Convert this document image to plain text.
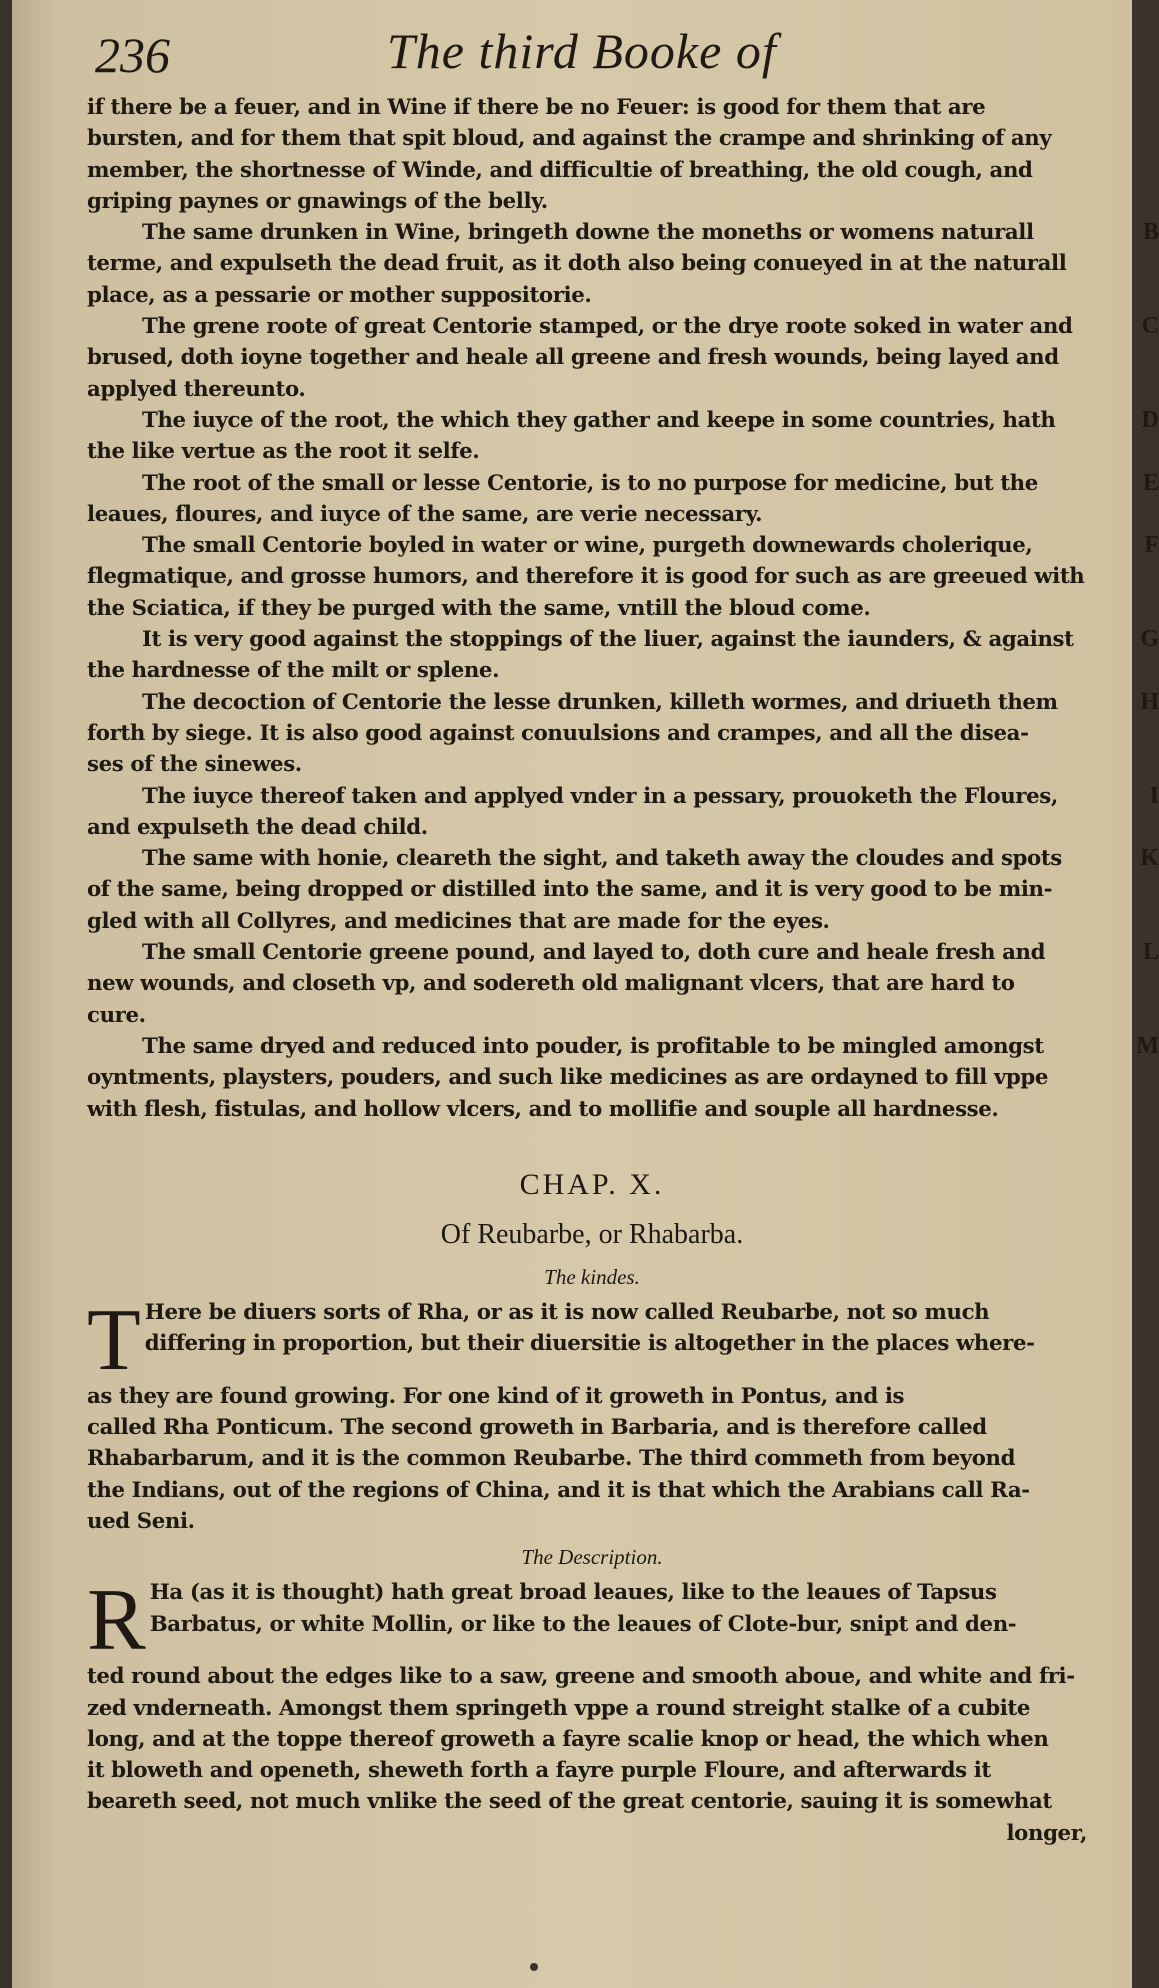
236	The third Booke of
if there be a feuer, and in Wine if there be no Feuer: is good for them that are
bursten, and for them that spit bloud, and against the crampe and shrinking of any
member, the shortnesse of Winde, and difficultie of breathing, the old cough, and
griping paynes or gnawings of the belly.
B
The same drunken in Wine, bringeth downe the moneths or womens naturall
terme, and expulseth the dead fruit, as it doth also being conueyed in at the naturall
place, as a pessarie or mother suppositorie.
C
The grene roote of great Centorie stamped, or the drye roote soked in water and
brused, doth ioyne together and heale all greene and fresh wounds, being layed and
applyed thereunto.
D
The iuyce of the root, the which they gather and keepe in some countries, hath
the like vertue as the root it selfe.
E
The root of the small or lesse Centorie, is to no purpose for medicine, but the
leaues, floures, and iuyce of the same, are verie necessary.
F
The small Centorie boyled in water or wine, purgeth downewards cholerique,
flegmatique, and grosse humors, and therefore it is good for such as are greeued with
the Sciatica, if they be purged with the same, vntill the bloud come.
G
It is very good against the stoppings of the liuer, against the iaunders, & against
the hardnesse of the milt or splene.
H
The decoction of Centorie the lesse drunken, killeth wormes, and driueth them
forth by siege. It is also good against conuulsions and crampes, and all the disea-
ses of the sinewes.
I
The iuyce thereof taken and applyed vnder in a pessary, prouoketh the Floures,
and expulseth the dead child.
K
The same with honie, cleareth the sight, and taketh away the cloudes and spots
of the same, being dropped or distilled into the same, and it is very good to be min-
gled with all Collyres, and medicines that are made for the eyes.
L
The small Centorie greene pound, and layed to, doth cure and heale fresh and
new wounds, and closeth vp, and sodereth old malignant vlcers, that are hard to
cure.
M
The same dryed and reduced into pouder, is profitable to be mingled amongst
oyntments, playsters, pouders, and such like medicines as are ordayned to fill vppe
with flesh, fistulas, and hollow vlcers, and to mollifie and souple all hardnesse.
CHAP. X.
Of Reubarbe, or Rhabarba.
The kindes.
T Here be diuers sorts of Rha, or as it is now called Reubarbe, not so much
differing in proportion, but their diuersitie is altogether in the places where-
as they are found growing. For one kind of it groweth in Pontus, and is
called Rha Ponticum. The second groweth in Barbaria, and is therefore called
Rhabarbarum, and it is the common Reubarbe. The third commeth from beyond
the Indians, out of the regions of China, and it is that which the Arabians call Ra-
ued Seni.
The Description.
R Ha (as it is thought) hath great broad leaues, like to the leaues of Tapsus
Barbatus, or white Mollin, or like to the leaues of Clote-bur, snipt and den-
ted round about the edges like to a saw, greene and smooth aboue, and white and fri-
zed vnderneath. Amongst them springeth vppe a round streight stalke of a cubite
long, and at the toppe thereof groweth a fayre scalie knop or head, the which when
it bloweth and openeth, sheweth forth a fayre purple Floure, and afterwards it
beareth seed, not much vnlike the seed of the great centorie, sauing it is somewhat
longer,
